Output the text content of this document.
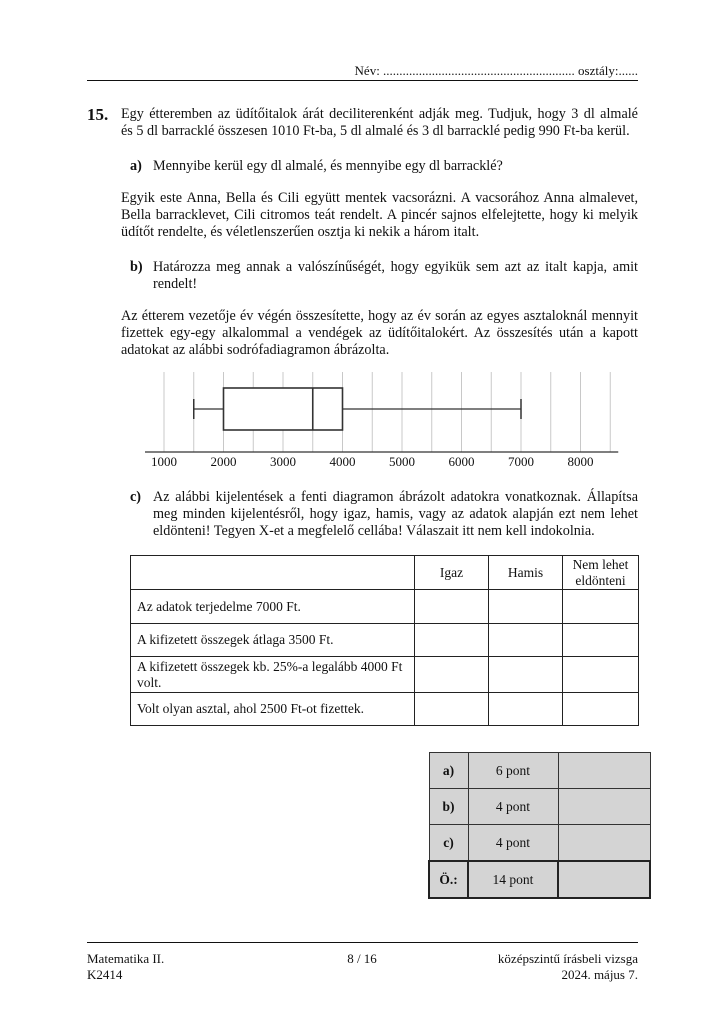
Név: ........................................................... osztály:......
15. Egy étteremben az üdítőitalok árát deciliterenként adják meg. Tudjuk, hogy 3 dl almalé
és 5 dl barracklé összesen 1010 Ft-ba, 5 dl almalé és 3 dl barracklé pedig 990 Ft-ba kerül.
a) Mennyibe kerül egy dl almalé, és mennyibe egy dl barracklé?
Egyik este Anna, Bella és Cili együtt mentek vacsorázni. A vacsorához Anna almalevet,
Bella barracklevet, Cili citromos teát rendelt. A pincér sajnos elfelejtette, hogy ki melyik
üdítőt rendelte, és véletlenszerűen osztja ki nekik a három italt.
b) Határozza meg annak a valószínűségét, hogy egyikük sem azt az italt kapja, amit
rendelt!
Az étterem vezetője év végén összesítette, hogy az év során az egyes asztaloknál mennyit
fizettek egy-egy alkalommal a vendégek az üdítőitalokért. Az összesítés után a kapott
adatokat az alábbi sodrófadiagramon ábrázolta.
1000	2000	3000	4000	5000	6000	7000	8000
c) Az alábbi kijelentések a fenti diagramon ábrázolt adatokra vonatkoznak. Állapítsa
meg minden kijelentésről, hogy igaz, hamis, vagy az adatok alapján ezt nem lehet
eldönteni! Tegyen X-et a megfelelő cellába! Válaszait itt nem kell indokolnia.
	Igaz	Hamis	Nem lehet eldönteni
Az adatok terjedelme 7000 Ft.			
A kifizetett összegek átlaga 3500 Ft.			
A kifizetett összegek kb. 25%-a legalább 4000 Ft volt.			
Volt olyan asztal, ahol 2500 Ft-ot fizettek.			
a)	6 pont	
b)	4 pont	
c)	4 pont	
Ö.:	14 pont	
Matematika II.
K2414
8 / 16	középszintű írásbeli vizsga
2024. május 7.
